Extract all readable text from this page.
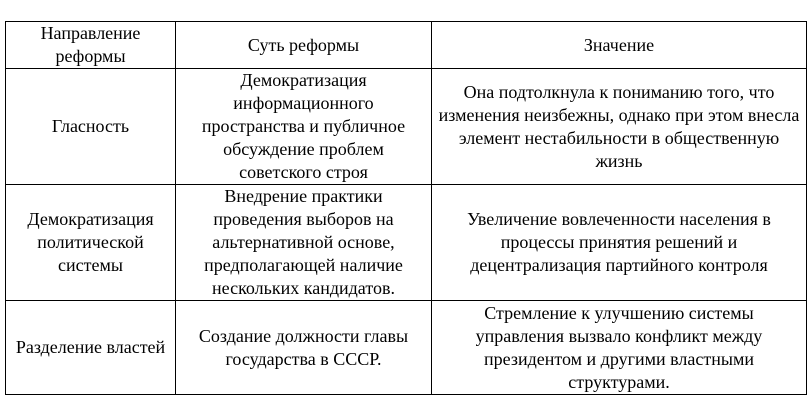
Направление реформы	Суть реформы	Значение
Гласность	Демократизация информационного пространства и публичное обсуждение проблем советского строя	Она подтолкнула к пониманию того, что изменения неизбежны, однако при этом внесла элемент нестабильности в общественную жизнь
Демократизация политической системы	Внедрение практики проведения выборов на альтернативной основе, предполагающей наличие нескольких кандидатов.	Увеличение вовлеченности населения в процессы принятия решений и децентрализация партийного контроля
Разделение властей	Создание должности главы государства в СССР.	Стремление к улучшению системы управления вызвало конфликт между президентом и другими властными структурами.
